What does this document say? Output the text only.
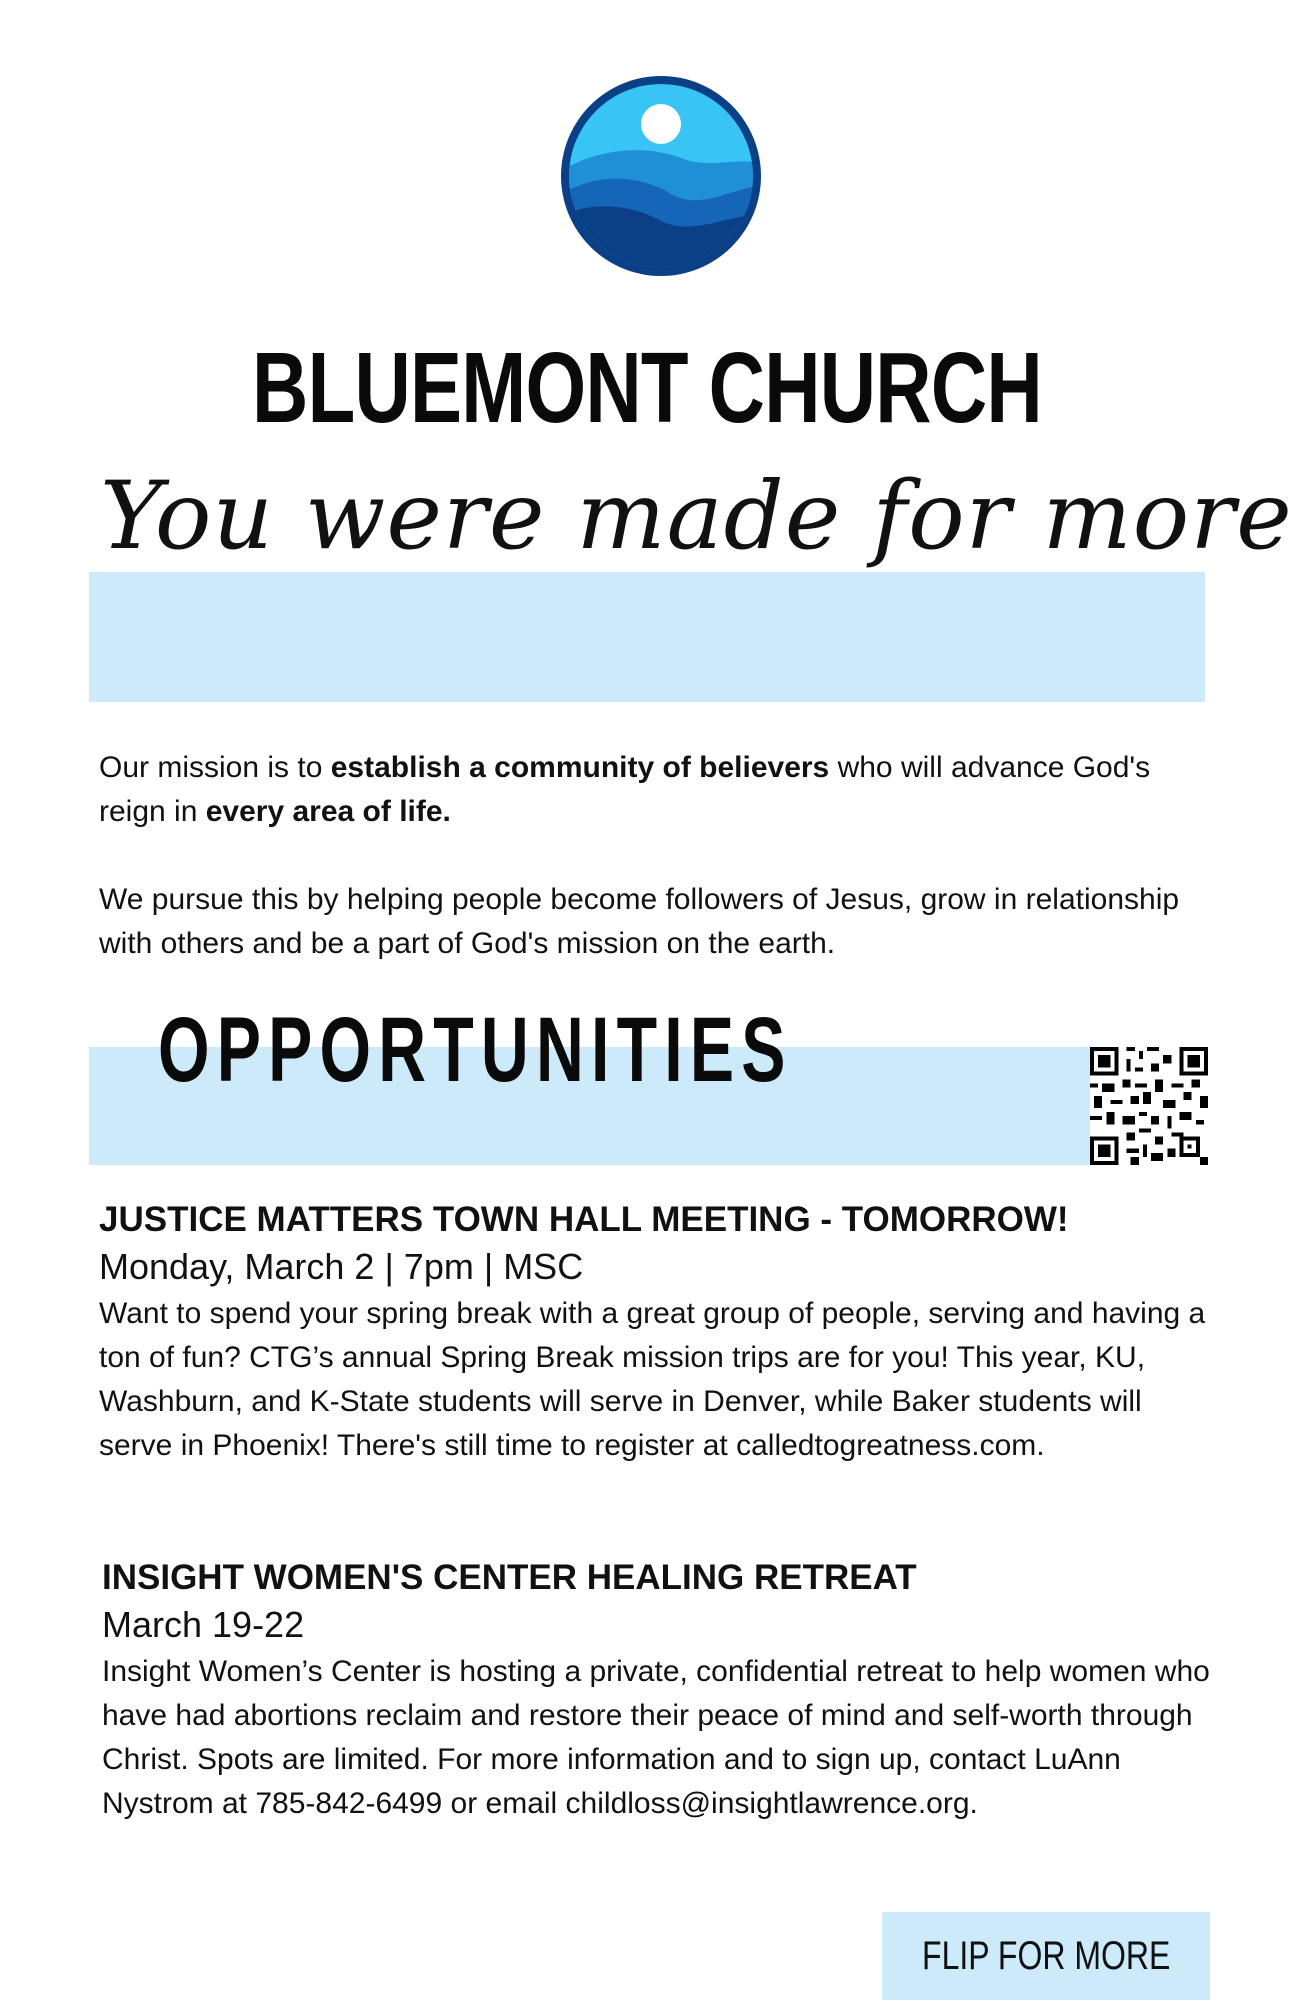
BLUEMONT CHURCH
You were made for more

Our mission is to establish a community of believers who will advance God's reign in every area of life.

We pursue this by helping people become followers of Jesus, grow in relationship with others and be a part of God's mission on the earth.

OPPORTUNITIES
JUSTICE MATTERS TOWN HALL MEETING - TOMORROW!
Monday, March 2 | 7pm | MSC
Want to spend your spring break with a great group of people, serving and having a ton of fun? CTG’s annual Spring Break mission trips are for you! This year, KU, Washburn, and K-State students will serve in Denver, while Baker students will serve in Phoenix! There's still time to register at calledtogreatness.com.
INSIGHT WOMEN'S CENTER HEALING RETREAT
March 19-22
Insight Women’s Center is hosting a private, confidential retreat to help women who have had abortions reclaim and restore their peace of mind and self-worth through Christ. Spots are limited. For more information and to sign up, contact LuAnn Nystrom at 785-842-6499 or email childloss@insightlawrence.org.
FLIP FOR MORE
